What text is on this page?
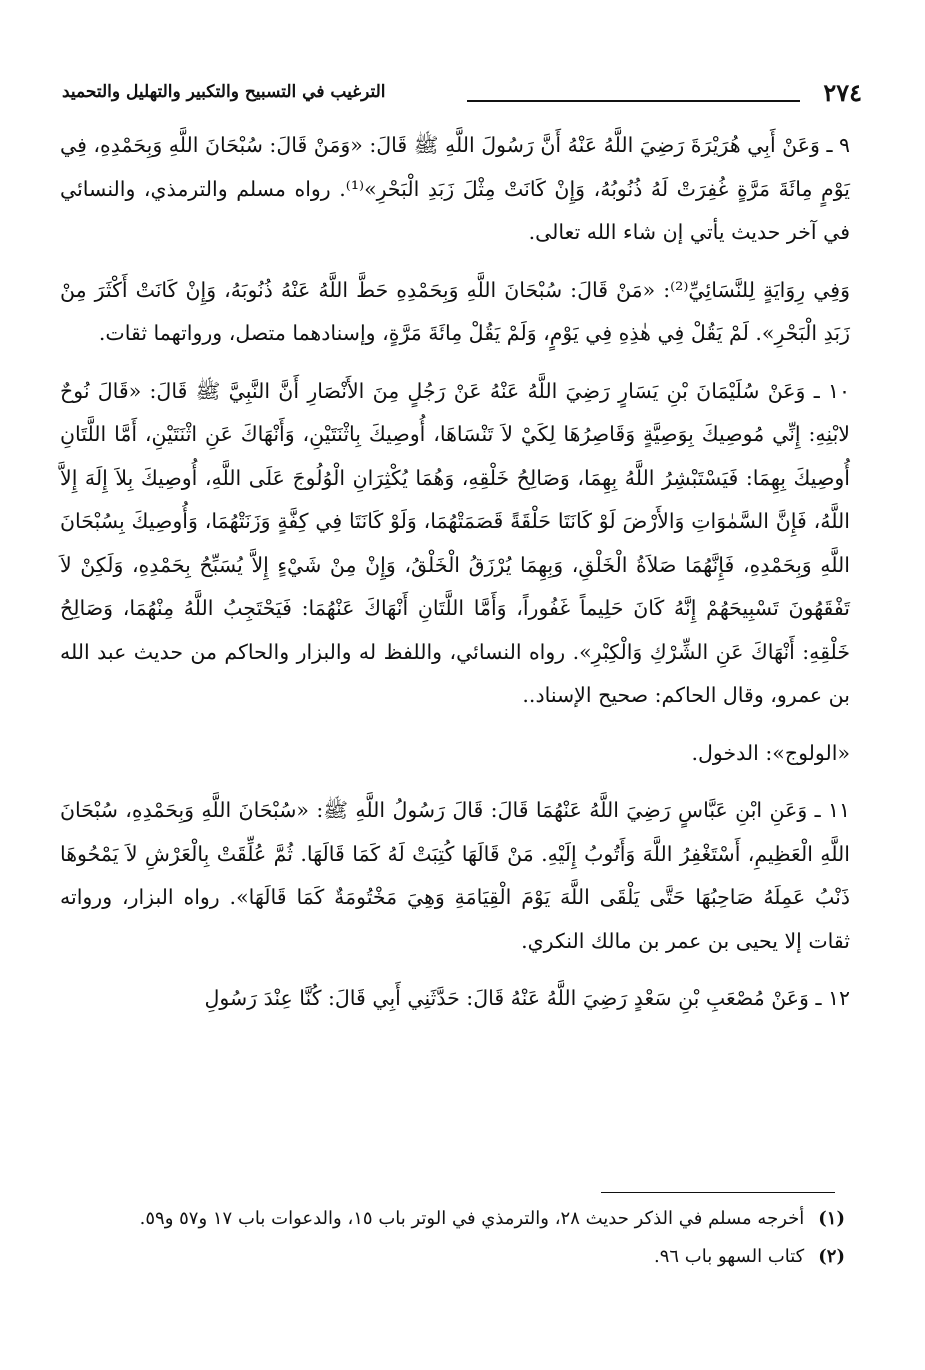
٢٧٤
الترغيب في التسبيح والتكبير والتهليل والتحميد

٩ ـ وَعَنْ أَبِي هُرَيْرَةَ رَضِيَ اللَّهُ عَنْهُ أَنَّ رَسُولَ اللَّهِ ﷺ قَالَ: «وَمَنْ قَالَ: سُبْحَانَ اللَّهِ وَبِحَمْدِهِ، فِي يَوْمٍ مِائَةَ مَرَّةٍ غُفِرَتْ لَهُ ذُنُوبُهُ، وَإِنْ كَانَتْ مِثْلَ زَبَدِ الْبَحْرِ»⁽¹⁾. رواه مسلم والترمذي، والنسائي في آخر حديث يأتي إن شاء الله تعالى.

وَفِي رِوَايَةٍ لِلنَّسَائِيِّ⁽²⁾: «مَنْ قَالَ: سُبْحَانَ اللَّهِ وَبِحَمْدِهِ حَطَّ اللَّهُ عَنْهُ ذُنُوبَهُ، وَإِنْ كَانَتْ أَكْثَرَ مِنْ زَبَدِ الْبَحْرِ». لَمْ يَقُلْ فِي هٰذِهِ فِي يَوْمٍ، وَلَمْ يَقُلْ مِائَةَ مَرَّةٍ، وإسنادهما متصل، ورواتهما ثقات.

١٠ ـ وَعَنْ سُلَيْمَانَ بْنِ يَسَارٍ رَضِيَ اللَّهُ عَنْهُ عَنْ رَجُلٍ مِنَ الأَنْصَارِ أَنَّ النَّبِيَّ ﷺ قَالَ: «قَالَ نُوحٌ لابْنِهِ: إِنِّي مُوصِيكَ بِوَصِيَّةٍ وَقَاصِرُهَا لِكَيْ لاَ تَنْسَاهَا، أُوصِيكَ بِاثْنَتَيْنِ، وَأَنْهَاكَ عَنِ اثْنَتَيْنِ، أَمَّا اللَّتَانِ أُوصِيكَ بِهِمَا: فَيَسْتَبْشِرُ اللَّهُ بِهِمَا، وَصَالِحُ خَلْقِهِ، وَهُمَا يُكْثِرَانِ الْوُلُوجَ عَلَى اللَّهِ، أُوصِيكَ بِلاَ إِلَهَ إِلاَّ اللَّهُ، فَإِنَّ السَّمٰوَاتِ وَالأَرْضَ لَوْ كَانَتَا حَلْقَةً قَصَمَتْهُمَا، وَلَوْ كَانَتَا فِي كِفَّةٍ وَزَنَتْهُمَا، وَأُوصِيكَ بِسُبْحَانَ اللَّهِ وَبِحَمْدِهِ، فَإِنَّهُمَا صَلاَةُ الْخَلْقِ، وَبِهِمَا يُرْزَقُ الْخَلْقُ، وَإِنْ مِنْ شَيْءٍ إِلاَّ يُسَبِّحُ بِحَمْدِهِ، وَلَكِنْ لاَ تَفْقَهُونَ تَسْبِيحَهُمْ إِنَّهُ كَانَ حَلِيماً غَفُوراً، وَأَمَّا اللَّتَانِ أَنْهَاكَ عَنْهُمَا: فَيَحْتَجِبُ اللَّهُ مِنْهُمَا، وَصَالِحُ خَلْقِهِ: أَنْهَاكَ عَنِ الشِّرْكِ وَالْكِبْرِ». رواه النسائي، واللفظ له والبزار والحاكم من حديث عبد الله بن عمرو، وقال الحاكم: صحيح الإسناد..

«الولوج»: الدخول.

١١ ـ وَعَنِ ابْنِ عَبَّاسٍ رَضِيَ اللَّهُ عَنْهُمَا قَالَ: قَالَ رَسُولُ اللَّهِ ﷺ: «سُبْحَانَ اللَّهِ وَبِحَمْدِهِ، سُبْحَانَ اللَّهِ الْعَظِيمِ، أَسْتَغْفِرُ اللَّهَ وَأَتُوبُ إِلَيْهِ. مَنْ قَالَهَا كُتِبَتْ لَهُ كَمَا قَالَهَا. ثُمَّ عُلِّقَتْ بِالْعَرْشِ لاَ يَمْحُوهَا ذَنْبُ عَمِلَهُ صَاحِبُهَا حَتَّى يَلْقَى اللَّهَ يَوْمَ الْقِيَامَةِ وَهِيَ مَخْتُومَةٌ كَمَا قَالَهَا». رواه البزار، ورواته ثقات إلا يحيى بن عمر بن مالك النكري.

١٢ ـ وَعَنْ مُصْعَبِ بْنِ سَعْدٍ رَضِيَ اللَّهُ عَنْهُ قَالَ: حَدَّثَنِي أَبِي قَالَ: كُنَّا عِنْدَ رَسُولِ

(١)أخرجه مسلم في الذكر حديث ٢٨، والترمذي في الوتر باب ١٥، والدعوات باب ١٧ و٥٧ و٥٩.

(٢)كتاب السهو باب ٩٦.
